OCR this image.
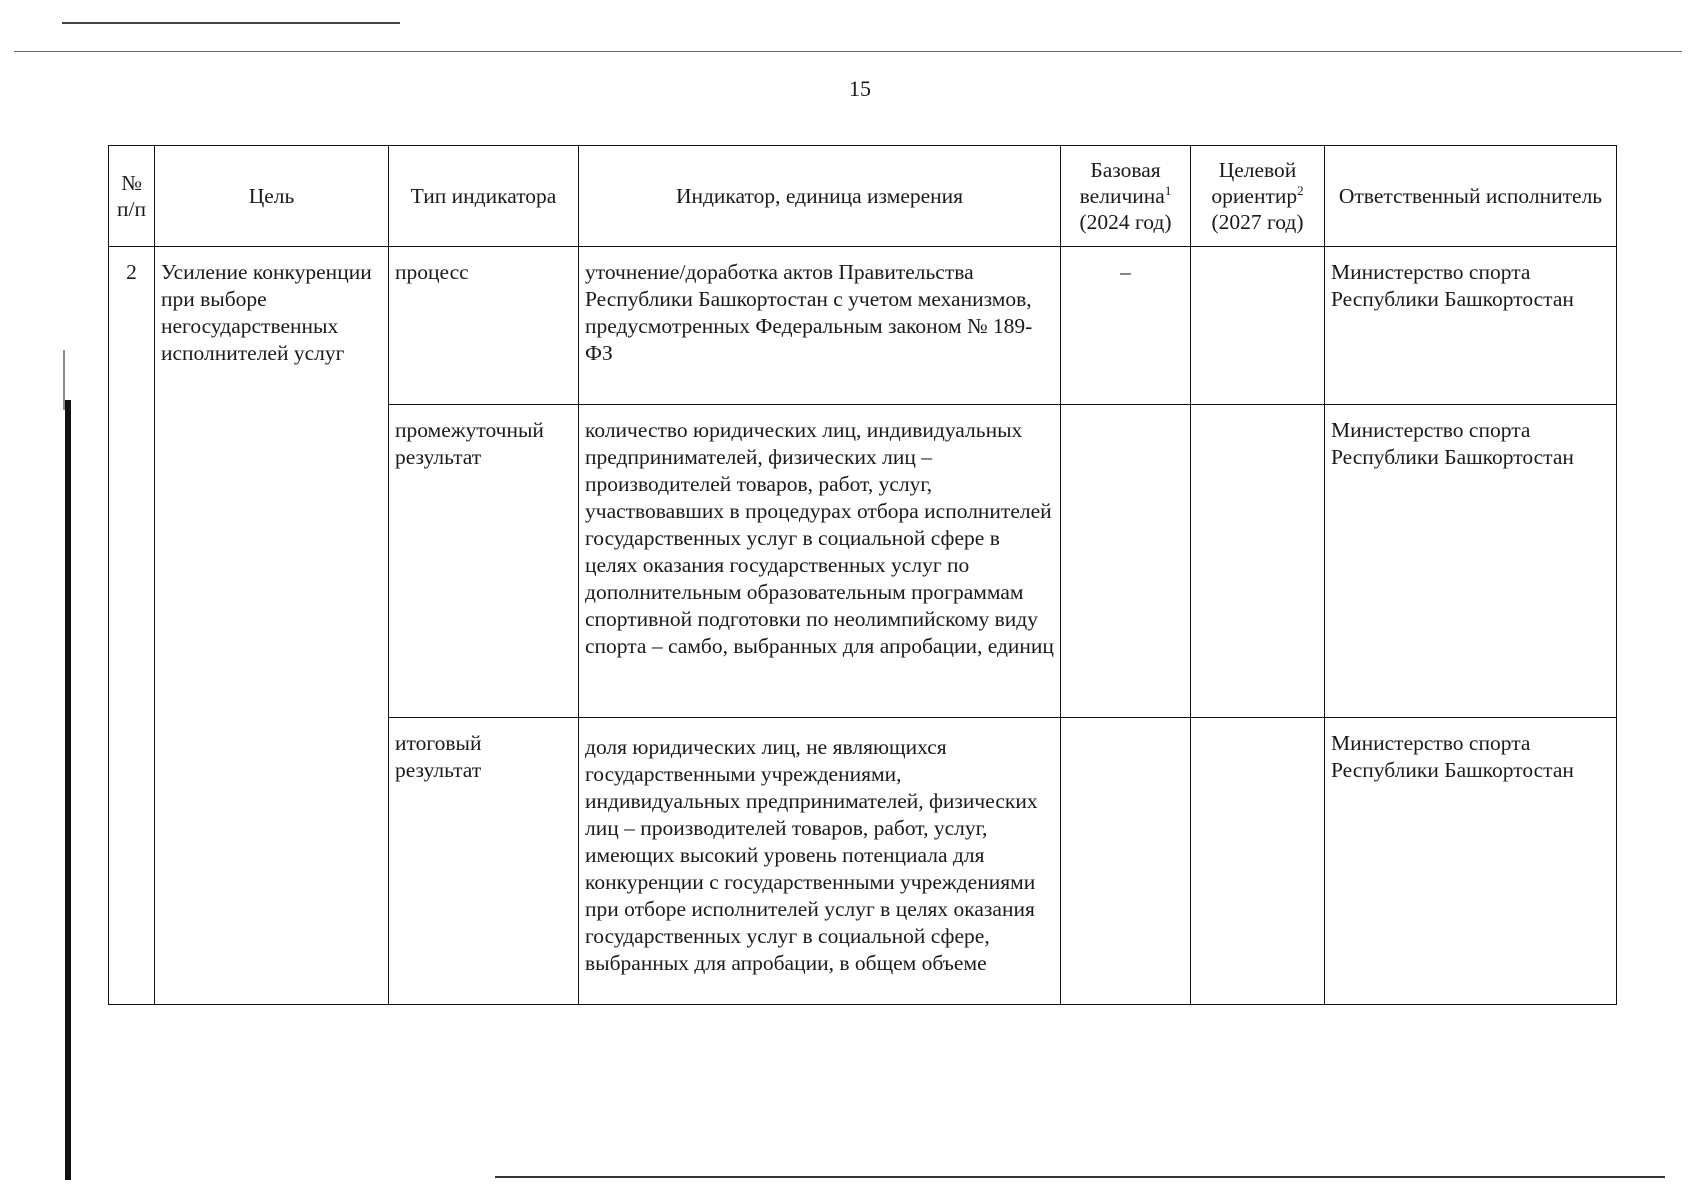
15
№ п/п	Цель	Тип индикатора	Индикатор, единица измерения	Базовая
величина$^1$
(2024 год)	Целевой
ориентир$^2$
(2027 год)	Ответственный исполнитель
2	Усиление конкуренции при выборе негосударственных исполнителей услуг	процесс	уточнение/доработка актов Правительства Республики Башкортостан с учетом механизмов, предусмотренных Федеральным законом № 189-ФЗ	–		Министерство спорта Республики Башкортостан
		промежуточный результат	количество юридических лиц, индивидуальных предпринимателей, физических лиц – производителей товаров, работ, услуг, участвовавших в процедурах отбора исполнителей государственных услуг в социальной сфере в целях оказания государственных услуг по дополнительным образовательным программам спортивной подготовки по неолимпийскому виду спорта – самбо, выбранных для апробации, единиц			Министерство спорта Республики Башкортостан
		итоговый результат	доля юридических лиц, не являющихся государственными учреждениями, индивидуальных предпринимателей, физических лиц – производителей товаров, работ, услуг, имеющих высокий уровень потенциала для конкуренции с государственными учреждениями при отборе исполнителей услуг в целях оказания государственных услуг в социальной сфере, выбранных для апробации, в общем объеме			Министерство спорта Республики Башкортостан
